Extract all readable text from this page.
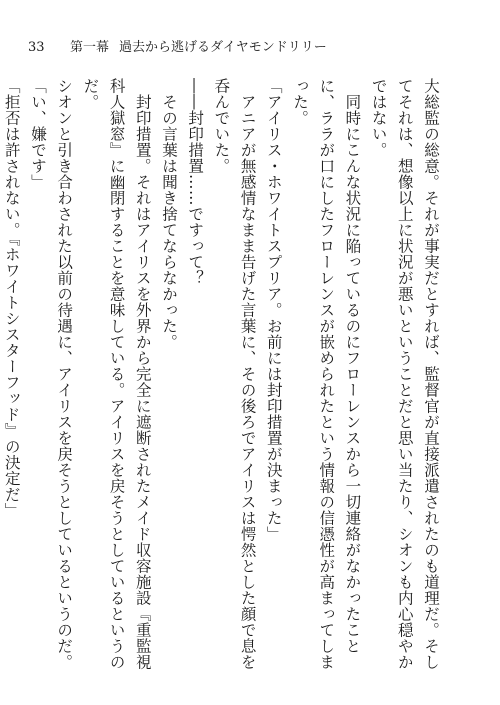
33	第一幕 過去から逃げるダイヤモンドリリー

大総監の総意。それが事実だとすれば、監督官が直接派遣されたのも道理だ。そしてそれは、想像以上に状況が悪いということだと思い当たり、シオンも内心穏やかではない。

同時にこんな状況に陥っているのにフローレンスから一切連絡がなかったことに、ララが口にしたフローレンスが嵌められたという情報の信憑性が高まってしまった。

「アイリス・ホワイトスプリア。お前には封印措置が決まった」

アニアが無感情なまま告げた言葉に、その後ろでアイリスは愕然とした顔で息を呑んでいた。

――封印措置……ですって？

その言葉は聞き捨てならなかった。

封印措置。それはアイリスを外界から完全に遮断されたメイド収容施設『重監視科人獄窓』に幽閉することを意味している。アイリスを戻そうとしているというのだ。

シオンと引き合わされた以前の待遇に、アイリスを戻そうとしているというのだ。

「い、嫌です」

「拒否は許されない。『ホワイトシスターフッド』の決定だ」
